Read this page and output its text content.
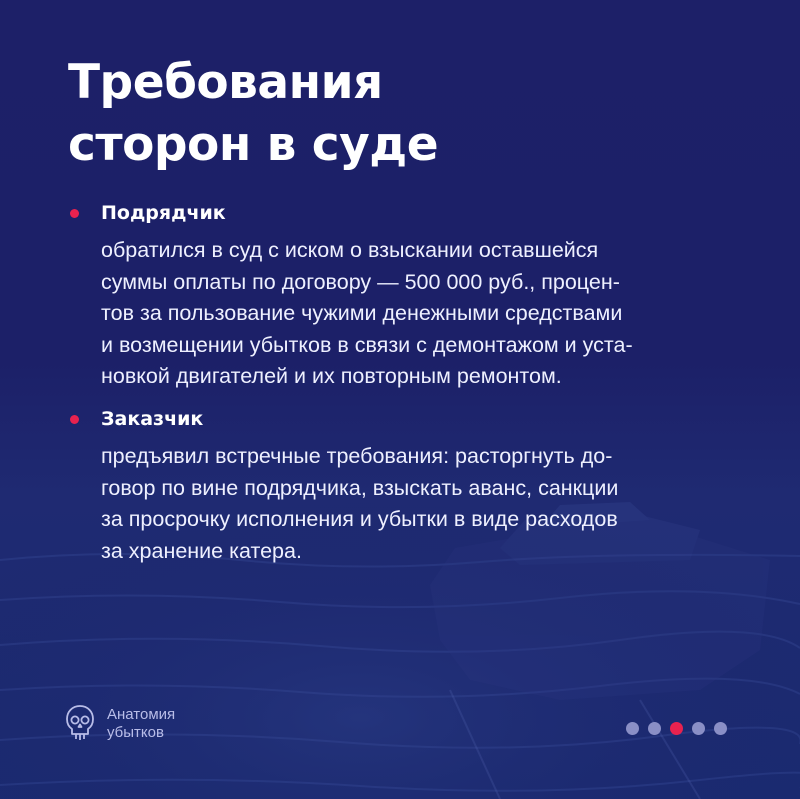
Требования
сторон в суде
Подрядчик
обратился в суд с иском о взыскании оставшейся
суммы оплаты по договору — 500 000 руб., процен-
тов за пользование чужими денежными средствами
и возмещении убытков в связи с демонтажом и уста-
новкой двигателей и их повторным ремонтом.
Заказчик
предъявил встречные требования: расторгнуть до-
говор по вине подрядчика, взыскать аванс, санкции
за просрочку исполнения и убытки в виде расходов
за хранение катера.
Анатомия
убытков
